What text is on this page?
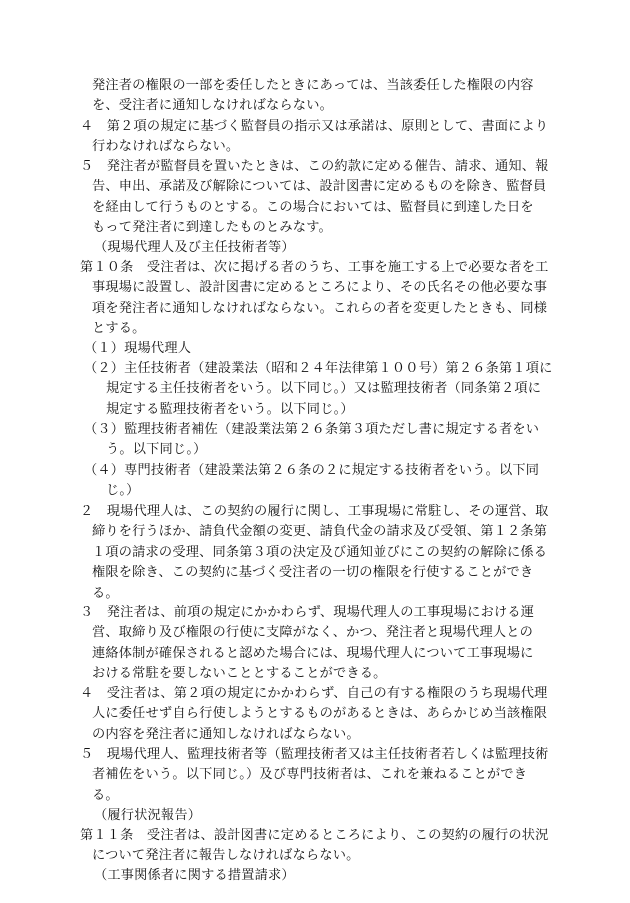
発注者の権限の一部を委任したときにあっては、当該委任した権限の内容
を、受注者に通知しなければならない。
４　第２項の規定に基づく監督員の指示又は承諾は、原則として、書面により
行わなければならない。
５　発注者が監督員を置いたときは、この約款に定める催告、請求、通知、報
告、申出、承諾及び解除については、設計図書に定めるものを除き、監督員
を経由して行うものとする。この場合においては、監督員に到達した日を
もって発注者に到達したものとみなす。
（現場代理人及び主任技術者等）
第１０条　受注者は、次に掲げる者のうち、工事を施工する上で必要な者を工
事現場に設置し、設計図書に定めるところにより、その氏名その他必要な事
項を発注者に通知しなければならない。これらの者を変更したときも、同様
とする。
（１）現場代理人
（２）主任技術者（建設業法（昭和２４年法律第１００号）第２６条第１項に
規定する主任技術者をいう。以下同じ。）又は監理技術者（同条第２項に
規定する監理技術者をいう。以下同じ。）
（３）監理技術者補佐（建設業法第２６条第３項ただし書に規定する者をい
う。以下同じ。）
（４）専門技術者（建設業法第２６条の２に規定する技術者をいう。以下同
じ。）
２　現場代理人は、この契約の履行に関し、工事現場に常駐し、その運営、取
締りを行うほか、請負代金額の変更、請負代金の請求及び受領、第１２条第
１項の請求の受理、同条第３項の決定及び通知並びにこの契約の解除に係る
権限を除き、この契約に基づく受注者の一切の権限を行使することができ
る。
３　発注者は、前項の規定にかかわらず、現場代理人の工事現場における運
営、取締り及び権限の行使に支障がなく、かつ、発注者と現場代理人との
連絡体制が確保されると認めた場合には、現場代理人について工事現場に
おける常駐を要しないこととすることができる。
４　受注者は、第２項の規定にかかわらず、自己の有する権限のうち現場代理
人に委任せず自ら行使しようとするものがあるときは、あらかじめ当該権限
の内容を発注者に通知しなければならない。
５　現場代理人、監理技術者等（監理技術者又は主任技術者若しくは監理技術
者補佐をいう。以下同じ。）及び専門技術者は、これを兼ねることができ
る。
（履行状況報告）
第１１条　受注者は、設計図書に定めるところにより、この契約の履行の状況
について発注者に報告しなければならない。
（工事関係者に関する措置請求）
